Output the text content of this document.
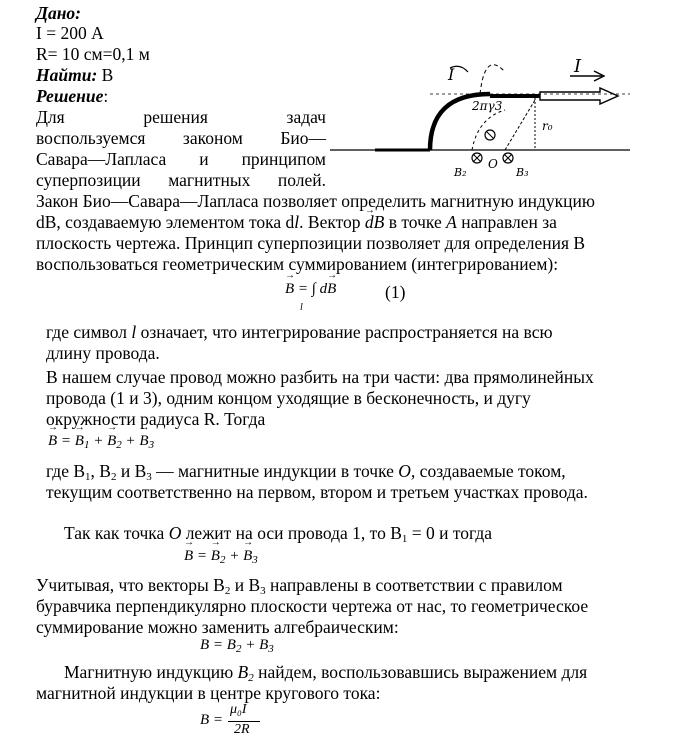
Дано:
I = 200 А
R= 10 см=0,1 м
Найти: В
Решение:
Для	решения	задач
воспользуемся законом Био—
Савара—Лапласа и принципом
суперпозиции магнитных полей.
I	I
2πγ3
r₀
B₂
O
B₃
Закон Био—Савара—Лапласа позволяет определить магнитную индукцию
dB, создаваемую элементом тока dl. Вектор → dB в точке A направлен за
плоскость чертежа. Принцип суперпозиции позволяет для определения В
воспользоваться геометрическим суммированием (интегрированием):
→ B = ∫ d→ B
l
(1)
где символ l означает, что интегрирование распространяется на всю
длину провода.
В нашем случае провод можно разбить на три части: два прямолинейных
провода (1 и 3), одним концом уходящие в бесконечность, и дугу
окружности радиуса R. Тогда
→ B = → $B_1$ + → $B_2$ + → $B_3$
где $В_1$, $В_2$ и $В_3$ — магнитные индукции в точке О, создаваемые током,
текущим соответственно на первом, втором и третьем участках провода.
Так как точка О лежит на оси провода 1, то $В_1 = 0$ и тогда
→ B = → $B_2$ + → $B_3$
Учитывая, что векторы $В_2$ и $В_3$ направлены в соответствии с правилом
буравчика перпендикулярно плоскости чертежа от нас, то геометрическое
суммирование можно заменить алгебраическим:
$B = B_2 + B_3$
Магнитную индукцию $В_2$ найдем, воспользовавшись выражением для
магнитной индукции в центре кругового тока:
B =
μ₀I
2R
